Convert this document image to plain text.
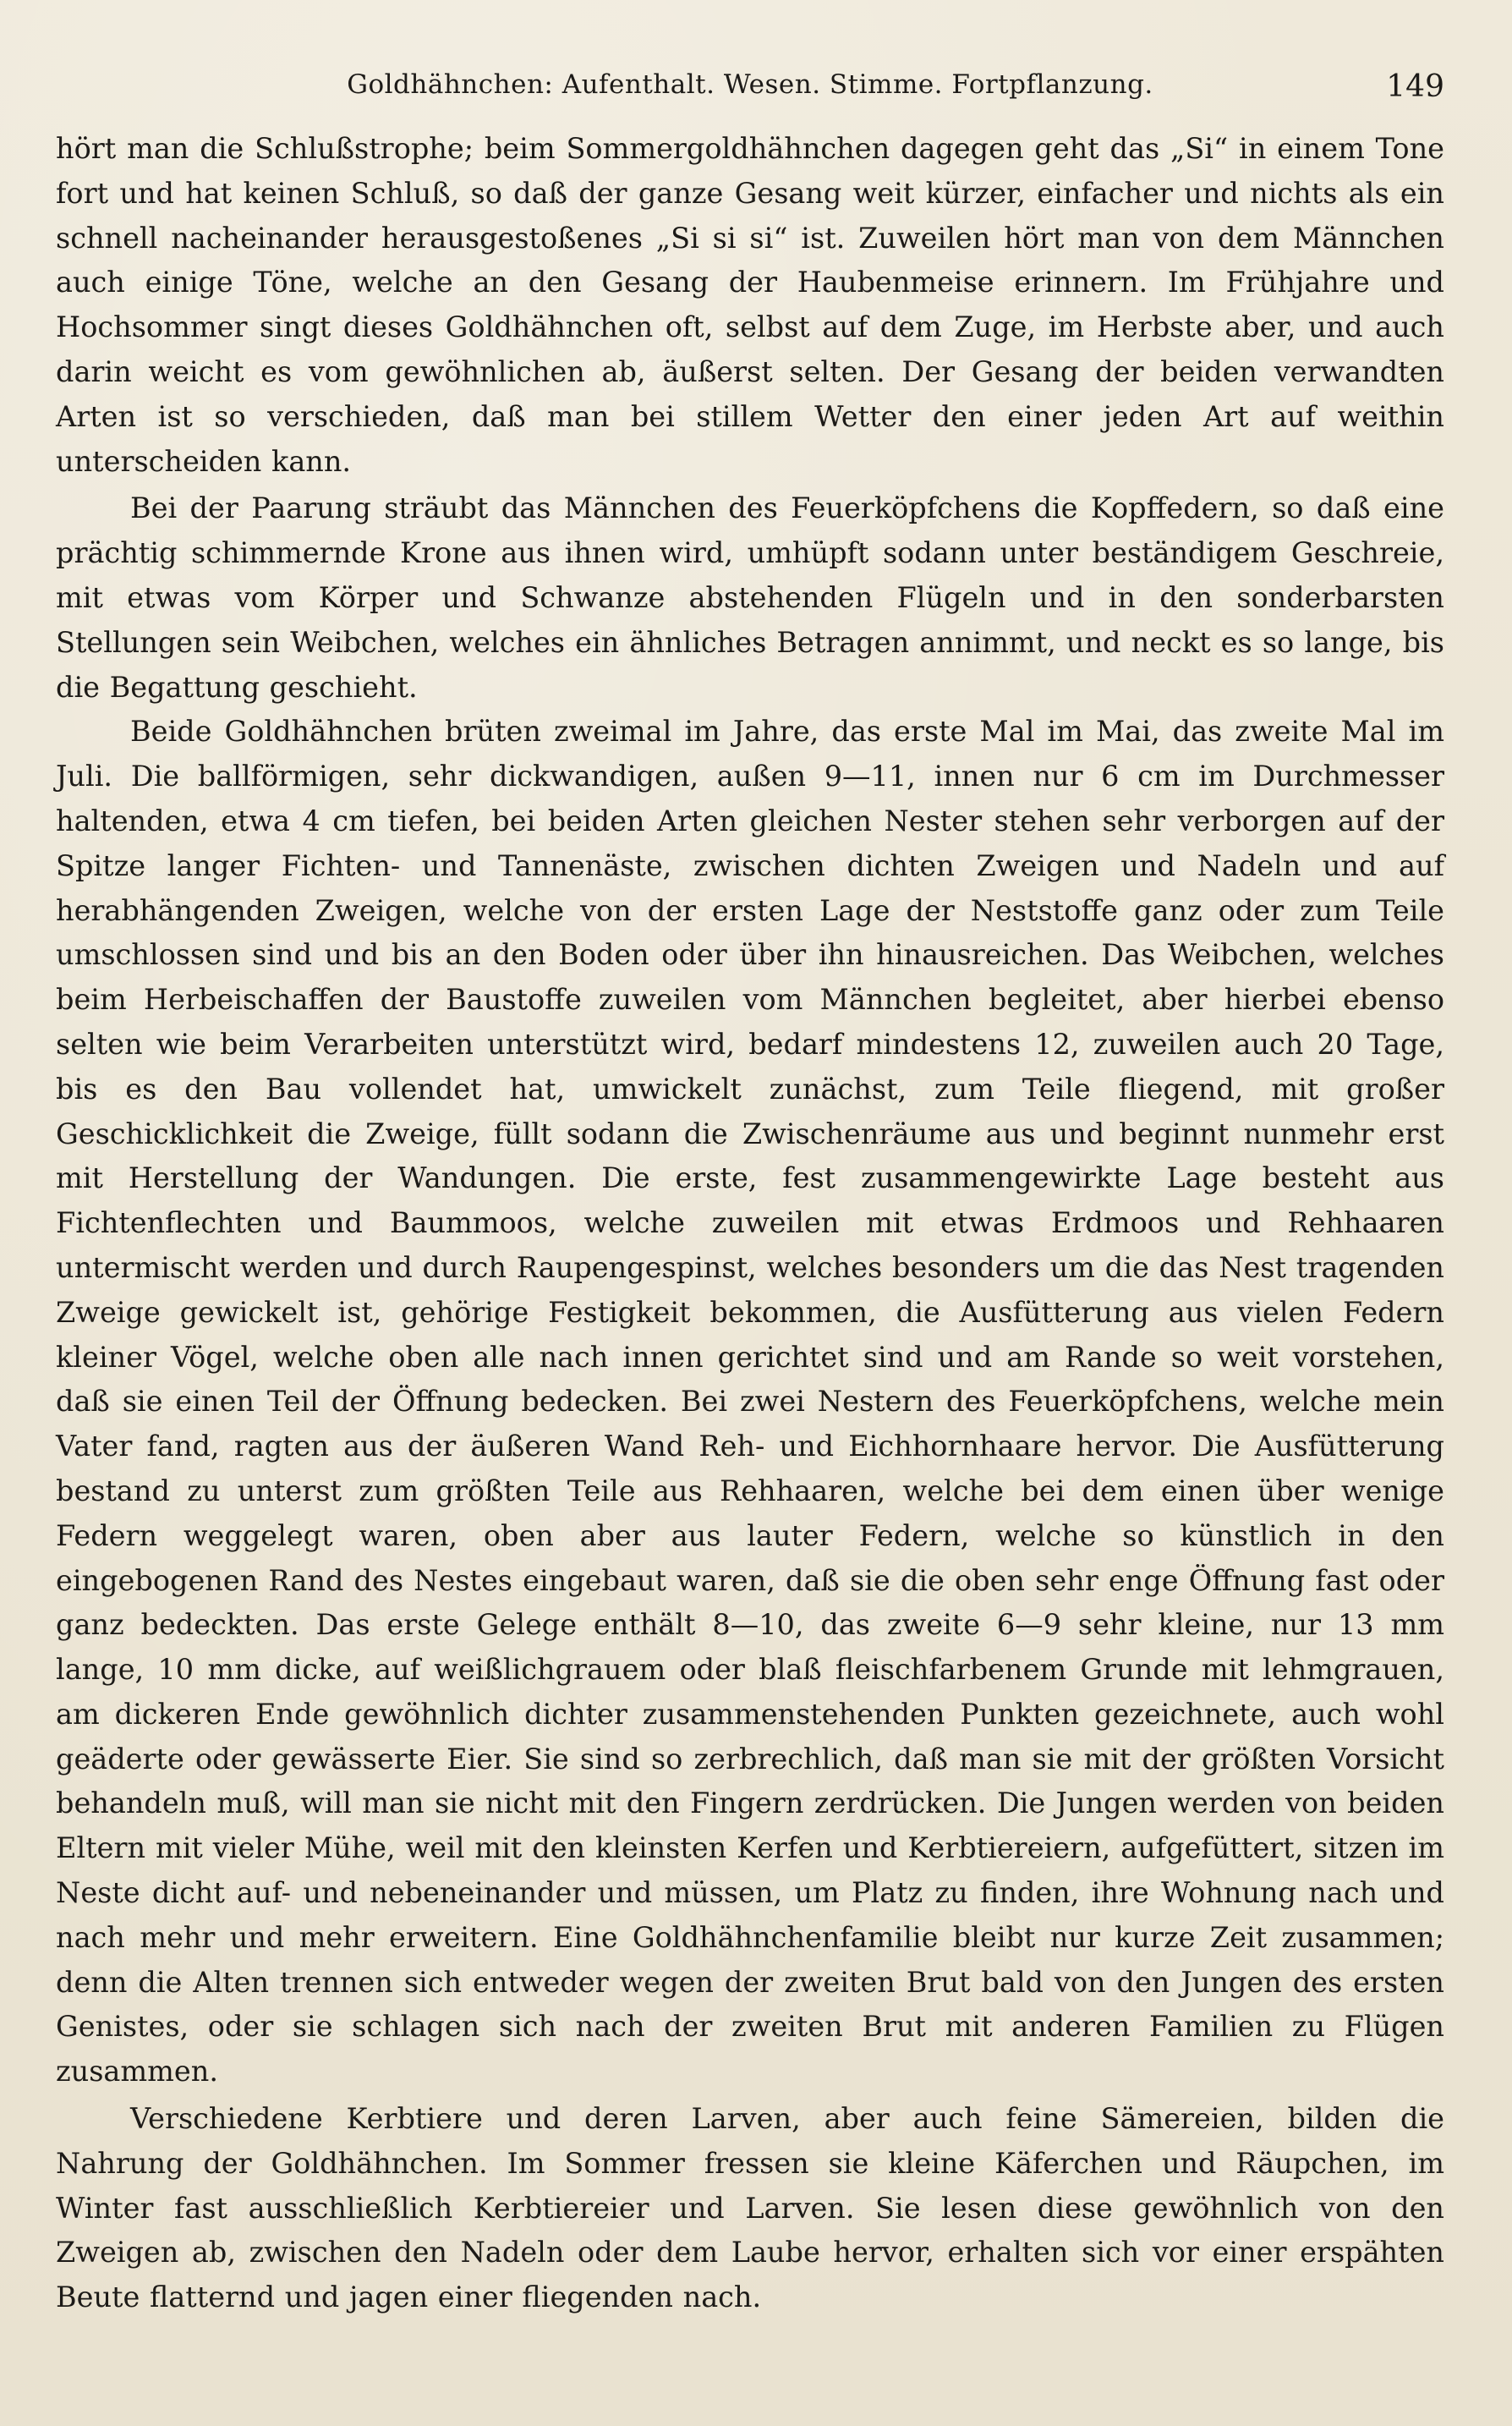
Goldhähnchen: Aufenthalt. Wesen. Stimme. Fortpflanzung.	149

hört man die Schlußstrophe; beim Sommergoldhähnchen dagegen geht das „Si“ in einem Tone fort und hat keinen Schluß, so daß der ganze Gesang weit kürzer, einfacher und nichts als ein schnell nacheinander herausgestoßenes „Si si si“ ist. Zuweilen hört man von dem Männchen auch einige Töne, welche an den Gesang der Haubenmeise erinnern. Im Frühjahre und Hochsommer singt dieses Goldhähnchen oft, selbst auf dem Zuge, im Herbste aber, und auch darin weicht es vom gewöhnlichen ab, äußerst selten. Der Gesang der beiden verwandten Arten ist so verschieden, daß man bei stillem Wetter den einer jeden Art auf weithin unterscheiden kann.

Bei der Paarung sträubt das Männchen des Feuerköpfchens die Kopffedern, so daß eine prächtig schimmernde Krone aus ihnen wird, umhüpft sodann unter beständigem Geschreie, mit etwas vom Körper und Schwanze abstehenden Flügeln und in den sonderbarsten Stellungen sein Weibchen, welches ein ähnliches Betragen annimmt, und neckt es so lange, bis die Begattung geschieht.

Beide Goldhähnchen brüten zweimal im Jahre, das erste Mal im Mai, das zweite Mal im Juli. Die ballförmigen, sehr dickwandigen, außen 9—11, innen nur 6 cm im Durchmesser haltenden, etwa 4 cm tiefen, bei beiden Arten gleichen Nester stehen sehr verborgen auf der Spitze langer Fichten- und Tannenäste, zwischen dichten Zweigen und Nadeln und auf herabhängenden Zweigen, welche von der ersten Lage der Neststoffe ganz oder zum Teile umschlossen sind und bis an den Boden oder über ihn hinausreichen. Das Weibchen, welches beim Herbeischaffen der Baustoffe zuweilen vom Männchen begleitet, aber hierbei ebenso selten wie beim Verarbeiten unterstützt wird, bedarf mindestens 12, zuweilen auch 20 Tage, bis es den Bau vollendet hat, umwickelt zunächst, zum Teile fliegend, mit großer Geschicklichkeit die Zweige, füllt sodann die Zwischenräume aus und beginnt nunmehr erst mit Herstellung der Wandungen. Die erste, fest zusammengewirkte Lage besteht aus Fichtenflechten und Baummoos, welche zuweilen mit etwas Erdmoos und Rehhaaren untermischt werden und durch Raupengespinst, welches besonders um die das Nest tragenden Zweige gewickelt ist, gehörige Festigkeit bekommen, die Ausfütterung aus vielen Federn kleiner Vögel, welche oben alle nach innen gerichtet sind und am Rande so weit vorstehen, daß sie einen Teil der Öffnung bedecken. Bei zwei Nestern des Feuerköpfchens, welche mein Vater fand, ragten aus der äußeren Wand Reh- und Eichhornhaare hervor. Die Ausfütterung bestand zu unterst zum größten Teile aus Rehhaaren, welche bei dem einen über wenige Federn weggelegt waren, oben aber aus lauter Federn, welche so künstlich in den eingebogenen Rand des Nestes eingebaut waren, daß sie die oben sehr enge Öffnung fast oder ganz bedeckten. Das erste Gelege enthält 8—10, das zweite 6—9 sehr kleine, nur 13 mm lange, 10 mm dicke, auf weißlichgrauem oder blaß fleischfarbenem Grunde mit lehmgrauen, am dickeren Ende gewöhnlich dichter zusammenstehenden Punkten gezeichnete, auch wohl geäderte oder gewässerte Eier. Sie sind so zerbrechlich, daß man sie mit der größten Vorsicht behandeln muß, will man sie nicht mit den Fingern zerdrücken. Die Jungen werden von beiden Eltern mit vieler Mühe, weil mit den kleinsten Kerfen und Kerbtiereiern, aufgefüttert, sitzen im Neste dicht auf- und nebeneinander und müssen, um Platz zu finden, ihre Wohnung nach und nach mehr und mehr erweitern. Eine Goldhähnchenfamilie bleibt nur kurze Zeit zusammen; denn die Alten trennen sich entweder wegen der zweiten Brut bald von den Jungen des ersten Genistes, oder sie schlagen sich nach der zweiten Brut mit anderen Familien zu Flügen zusammen.

Verschiedene Kerbtiere und deren Larven, aber auch feine Sämereien, bilden die Nahrung der Goldhähnchen. Im Sommer fressen sie kleine Käferchen und Räupchen, im Winter fast ausschließlich Kerbtiereier und Larven. Sie lesen diese gewöhnlich von den Zweigen ab, zwischen den Nadeln oder dem Laube hervor, erhalten sich vor einer erspähten Beute flatternd und jagen einer fliegenden nach.
